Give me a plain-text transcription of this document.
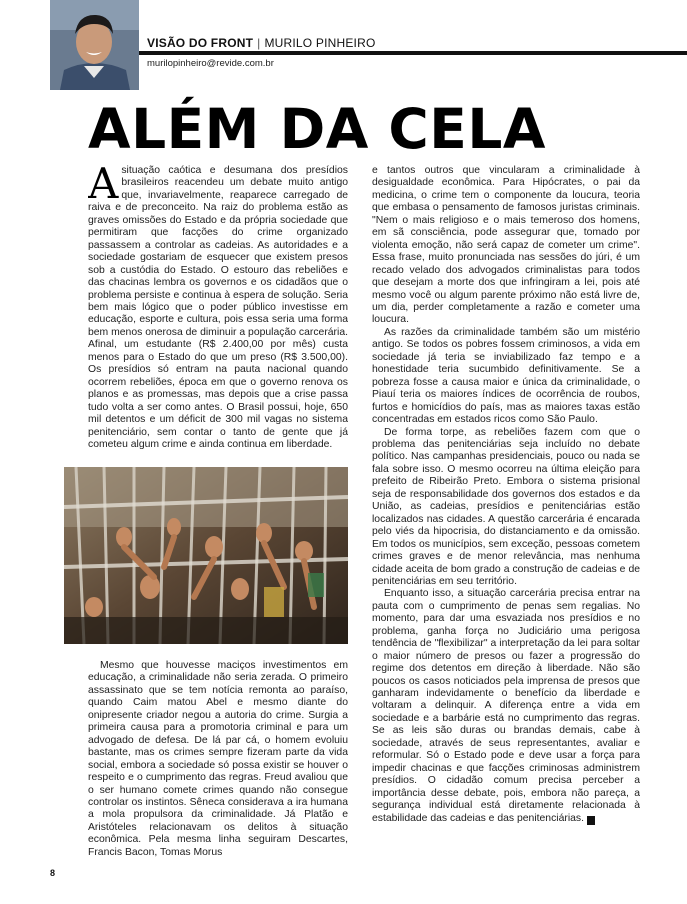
VISÃO DO FRONT | MURILO PINHEIRO
murilopinheiro@revide.com.br
ALÉM DA CELA

Asituação caótica e desumana dos presídios brasileiros reacendeu um debate muito antigo que, invariavelmente, reaparece carregado de raiva e de preconceito. Na raiz do problema estão as graves omissões do Estado e da própria sociedade que permitiram que facções do crime organizado passassem a controlar as cadeias. As autoridades e a sociedade gostariam de esquecer que existem presos sob a custódia do Estado. O estouro das rebeliões e das chacinas lembra os governos e os cidadãos que o problema persiste e continua à espera de solução. Seria bem mais lógico que o poder público investisse em educação, esporte e cultura, pois essa seria uma forma bem menos onerosa de diminuir a população carcerária. Afinal, um estudante (R$ 2.400,00 por mês) custa menos para o Estado do que um preso (R$ 3.500,00). Os presídios só entram na pauta nacional quando ocorrem rebeliões, época em que o governo renova os planos e as promessas, mas depois que a crise passa tudo volta a ser como antes. O Brasil possui, hoje, 650 mil detentos e um déficit de 300 mil vagas no sistema penitenciário, sem contar o tanto de gente que já cometeu algum crime e ainda continua em liberdade.

Mesmo que houvesse maciços investimentos em educação, a criminalidade não seria zerada. O primeiro assassinato que se tem notícia remonta ao paraíso, quando Caim matou Abel e mesmo diante do onipresente criador negou a autoria do crime. Surgia a primeira causa para a promotoria criminal e para um advogado de defesa. De lá par cá, o homem evoluiu bastante, mas os crimes sempre fizeram parte da vida social, embora a sociedade só possa existir se houver o respeito e o cumprimento das regras. Freud avaliou que o ser humano comete crimes quando não consegue controlar os instintos. Sêneca considerava a ira humana a mola propulsora da criminalidade. Já Platão e Aristóteles relacionavam os delitos à situação econômica. Pela mesma linha seguiram Descartes, Francis Bacon, Tomas Morus

e tantos outros que vincularam a criminalidade à desigualdade econômica. Para Hipócrates, o pai da medicina, o crime tem o componente da loucura, teoria que embasa o pensamento de famosos juristas criminais. "Nem o mais religioso e o mais temeroso dos homens, em sã consciência, pode assegurar que, tomado por violenta emoção, não será capaz de cometer um crime". Essa frase, muito pronunciada nas sessões do júri, é um recado velado dos advogados criminalistas para todos que desejam a morte dos que infringiram a lei, pois até mesmo você ou algum parente próximo não está livre de, um dia, perder completamente a razão e cometer uma loucura.

As razões da criminalidade também são um mistério antigo. Se todos os pobres fossem criminosos, a vida em sociedade já teria se inviabilizado faz tempo e a honestidade teria sucumbido definitivamente. Se a pobreza fosse a causa maior e única da criminalidade, o Piauí teria os maiores índices de ocorrência de roubos, furtos e homicídios do país, mas as maiores taxas estão concentradas em estados ricos como São Paulo.

De forma torpe, as rebeliões fazem com que o problema das penitenciárias seja incluído no debate político. Nas campanhas presidenciais, pouco ou nada se fala sobre isso. O mesmo ocorreu na última eleição para prefeito de Ribeirão Preto. Embora o sistema prisional seja de responsabilidade dos governos dos estados e da União, as cadeias, presídios e penitenciárias estão localizados nas cidades. A questão carcerária é encarada pelo viés da hipocrisia, do distanciamento e da omissão. Em todos os municípios, sem exceção, pessoas cometem crimes graves e de menor relevância, mas nenhuma cidade aceita de bom grado a construção de cadeias e de penitenciárias em seu território.

Enquanto isso, a situação carcerária precisa entrar na pauta com o cumprimento de penas sem regalias. No momento, para dar uma esvaziada nos presídios e no problema, ganha força no Judiciário uma perigosa tendência de "flexibilizar" a interpretação da lei para soltar o maior número de presos ou fazer a progressão do regime dos detentos em direção à liberdade. Não são poucos os casos noticiados pela imprensa de presos que ganharam indevidamente o benefício da liberdade e voltaram a delinquir. A diferença entre a vida em sociedade e a barbárie está no cumprimento das regras. Se as leis são duras ou brandas demais, cabe à sociedade, através de seus representantes, avaliar e reformular. Só o Estado pode e deve usar a força para impedir chacinas e que facções criminosas administrem presídios. O cidadão comum precisa perceber a importância desse debate, pois, embora não pareça, a segurança individual está diretamente relacionada à estabilidade das cadeias e das penitenciárias. r

8
